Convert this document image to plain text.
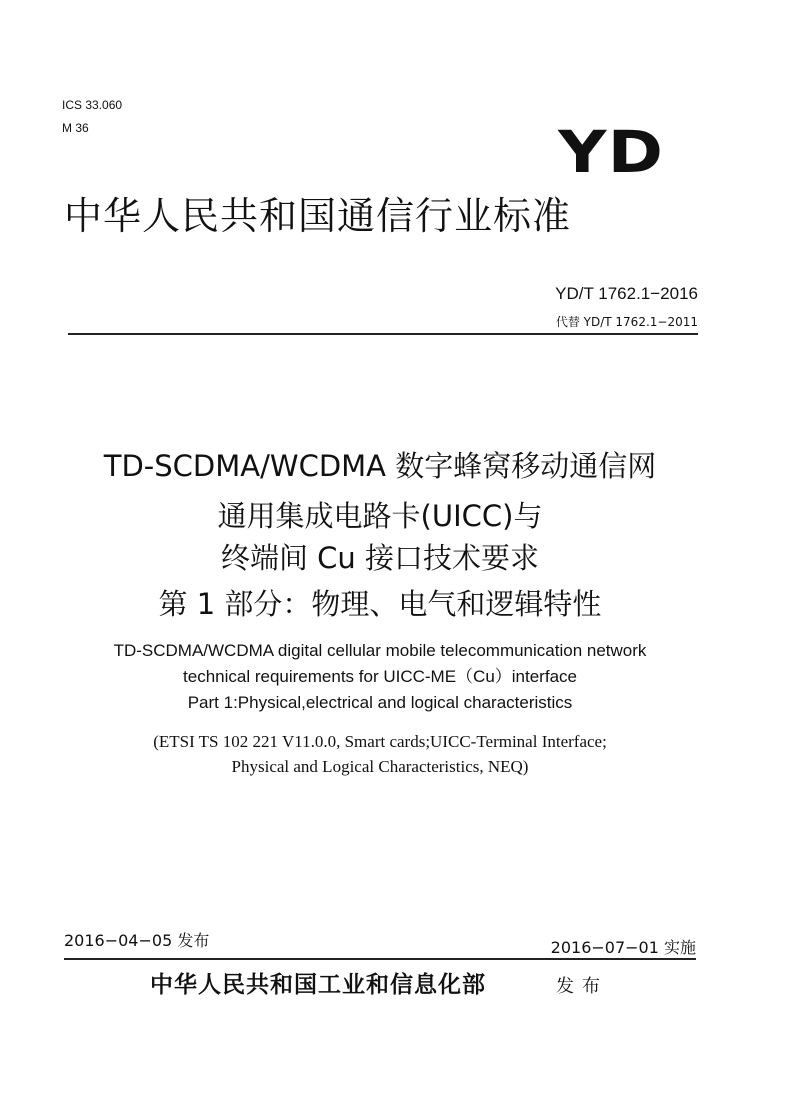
ICS 33.060
M 36	YD
中华人民共和国通信行业标准
YD/T 1762.1−2016
代替 YD/T 1762.1−2011
TD-SCDMA/WCDMA 数字蜂窝移动通信网
通用集成电路卡(UICC)与
终端间 Cu 接口技术要求
第 1 部分：物理、电气和逻辑特性
TD-SCDMA/WCDMA digital cellular mobile telecommunication network
technical requirements for UICC-ME（Cu）interface
Part 1:Physical,electrical and logical characteristics
(ETSI TS 102 221 V11.0.0, Smart cards;UICC-Terminal Interface;
Physical and Logical Characteristics, NEQ)
2016−04−05 发布	2016−07−01 实施
中华人民共和国工业和信息化部	发布
